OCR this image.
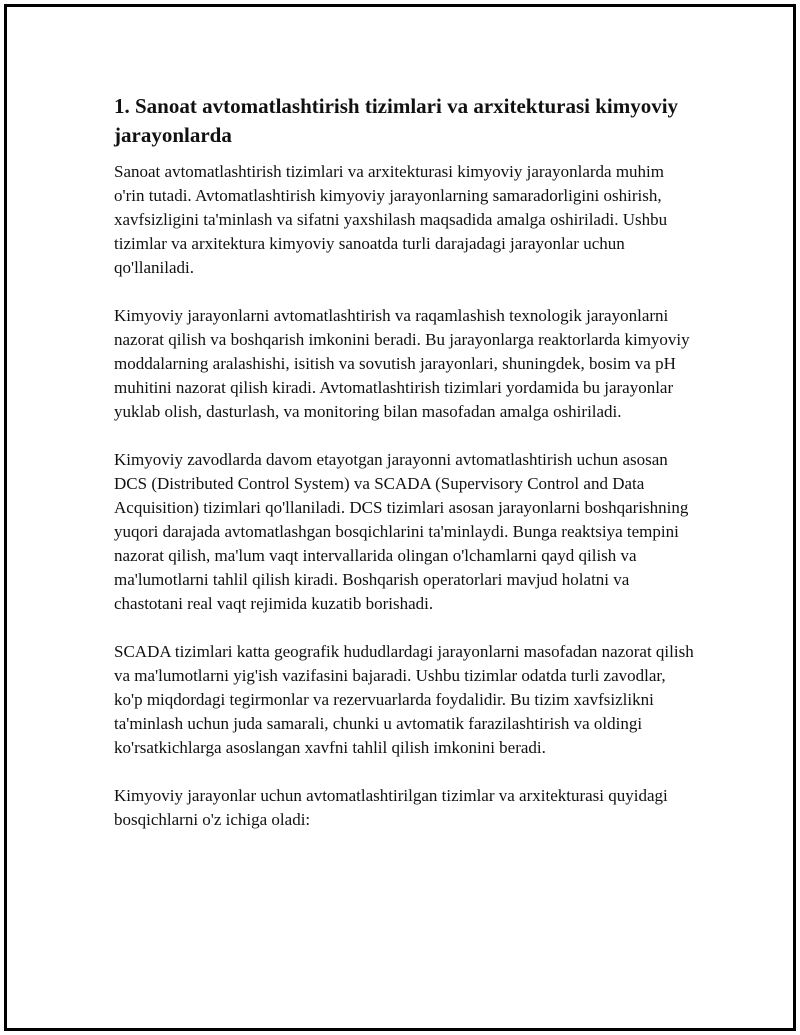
1. Sanoat avtomatlashtirish tizimlari va arxitekturasi kimyoviy jarayonlarda

Sanoat avtomatlashtirish tizimlari va arxitekturasi kimyoviy jarayonlarda muhim o'rin tutadi. Avtomatlashtirish kimyoviy jarayonlarning samaradorligini oshirish, xavfsizligini ta'minlash va sifatni yaxshilash maqsadida amalga oshiriladi. Ushbu tizimlar va arxitektura kimyoviy sanoatda turli darajadagi jarayonlar uchun qo'llaniladi.

Kimyoviy jarayonlarni avtomatlashtirish va raqamlashish texnologik jarayonlarni nazorat qilish va boshqarish imkonini beradi. Bu jarayonlarga reaktorlarda kimyoviy moddalarning aralashishi, isitish va sovutish jarayonlari, shuningdek, bosim va pH muhitini nazorat qilish kiradi. Avtomatlashtirish tizimlari yordamida bu jarayonlar yuklab olish, dasturlash, va monitoring bilan masofadan amalga oshiriladi.

Kimyoviy zavodlarda davom etayotgan jarayonni avtomatlashtirish uchun asosan DCS (Distributed Control System) va SCADA (Supervisory Control and Data Acquisition) tizimlari qo'llaniladi. DCS tizimlari asosan jarayonlarni boshqarishning yuqori darajada avtomatlashgan bosqichlarini ta'minlaydi. Bunga reaktsiya tempini nazorat qilish, ma'lum vaqt intervallarida olingan o'lchamlarni qayd qilish va ma'lumotlarni tahlil qilish kiradi. Boshqarish operatorlari mavjud holatni va chastotani real vaqt rejimida kuzatib borishadi.

SCADA tizimlari katta geografik hududlardagi jarayonlarni masofadan nazorat qilish va ma'lumotlarni yig'ish vazifasini bajaradi. Ushbu tizimlar odatda turli zavodlar, ko'p miqdordagi tegirmonlar va rezervuarlarda foydalidir. Bu tizim xavfsizlikni ta'minlash uchun juda samarali, chunki u avtomatik farazilashtirish va oldingi ko'rsatkichlarga asoslangan xavfni tahlil qilish imkonini beradi.

Kimyoviy jarayonlar uchun avtomatlashtirilgan tizimlar va arxitekturasi quyidagi bosqichlarni o'z ichiga oladi:
